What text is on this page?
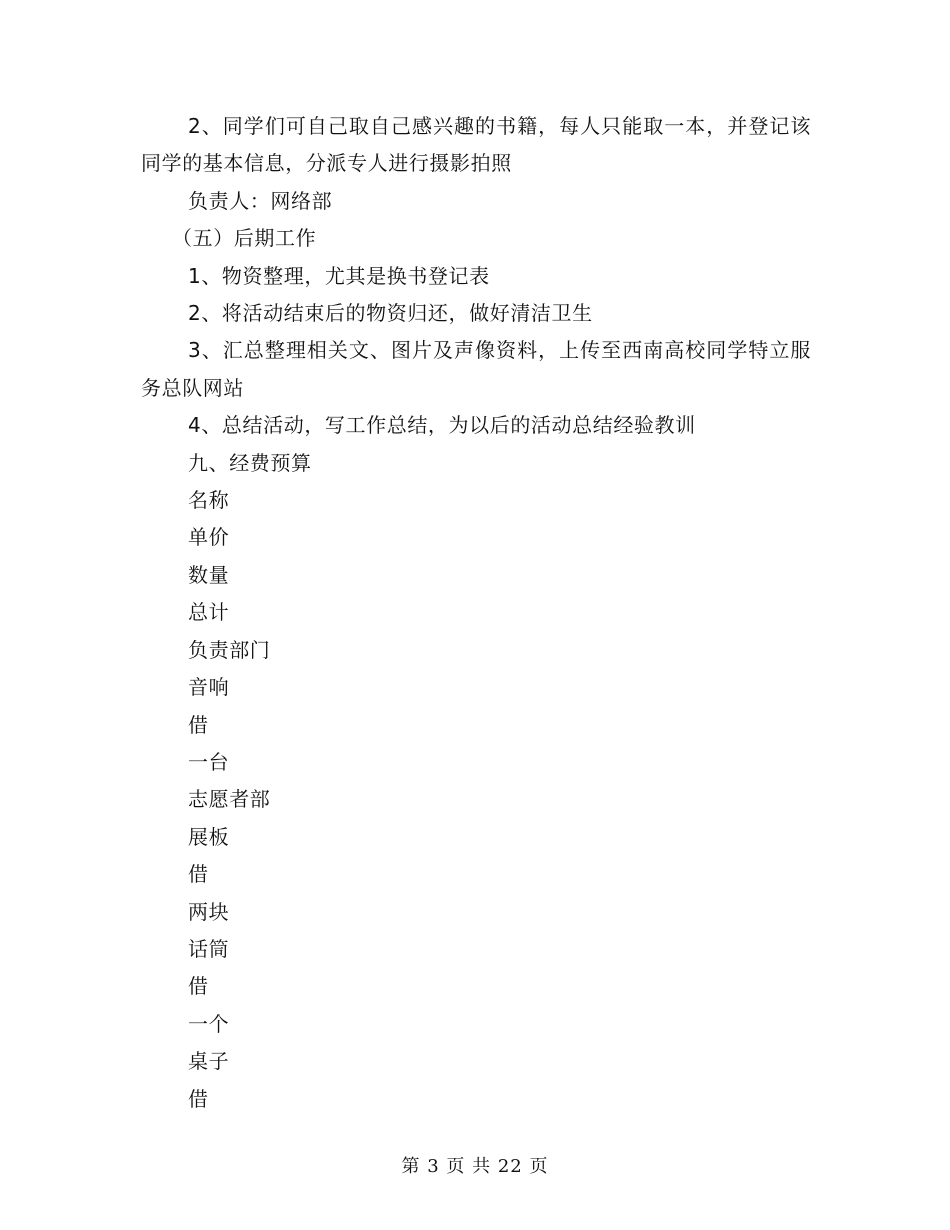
2、同学们可自己取自己感兴趣的书籍，每人只能取一本，并登记该同学的基本信息，分派专人进行摄影拍照

负责人：网络部

（五）后期工作

1、物资整理，尤其是换书登记表

2、将活动结束后的物资归还，做好清洁卫生

3、汇总整理相关文、图片及声像资料，上传至西南高校同学特立服务总队网站

4、总结活动，写工作总结，为以后的活动总结经验教训

九、经费预算

名称

单价

数量

总计

负责部门

音响

借

一台

志愿者部

展板

借

两块

话筒

借

一个

桌子

借

第 3 页 共 22 页
